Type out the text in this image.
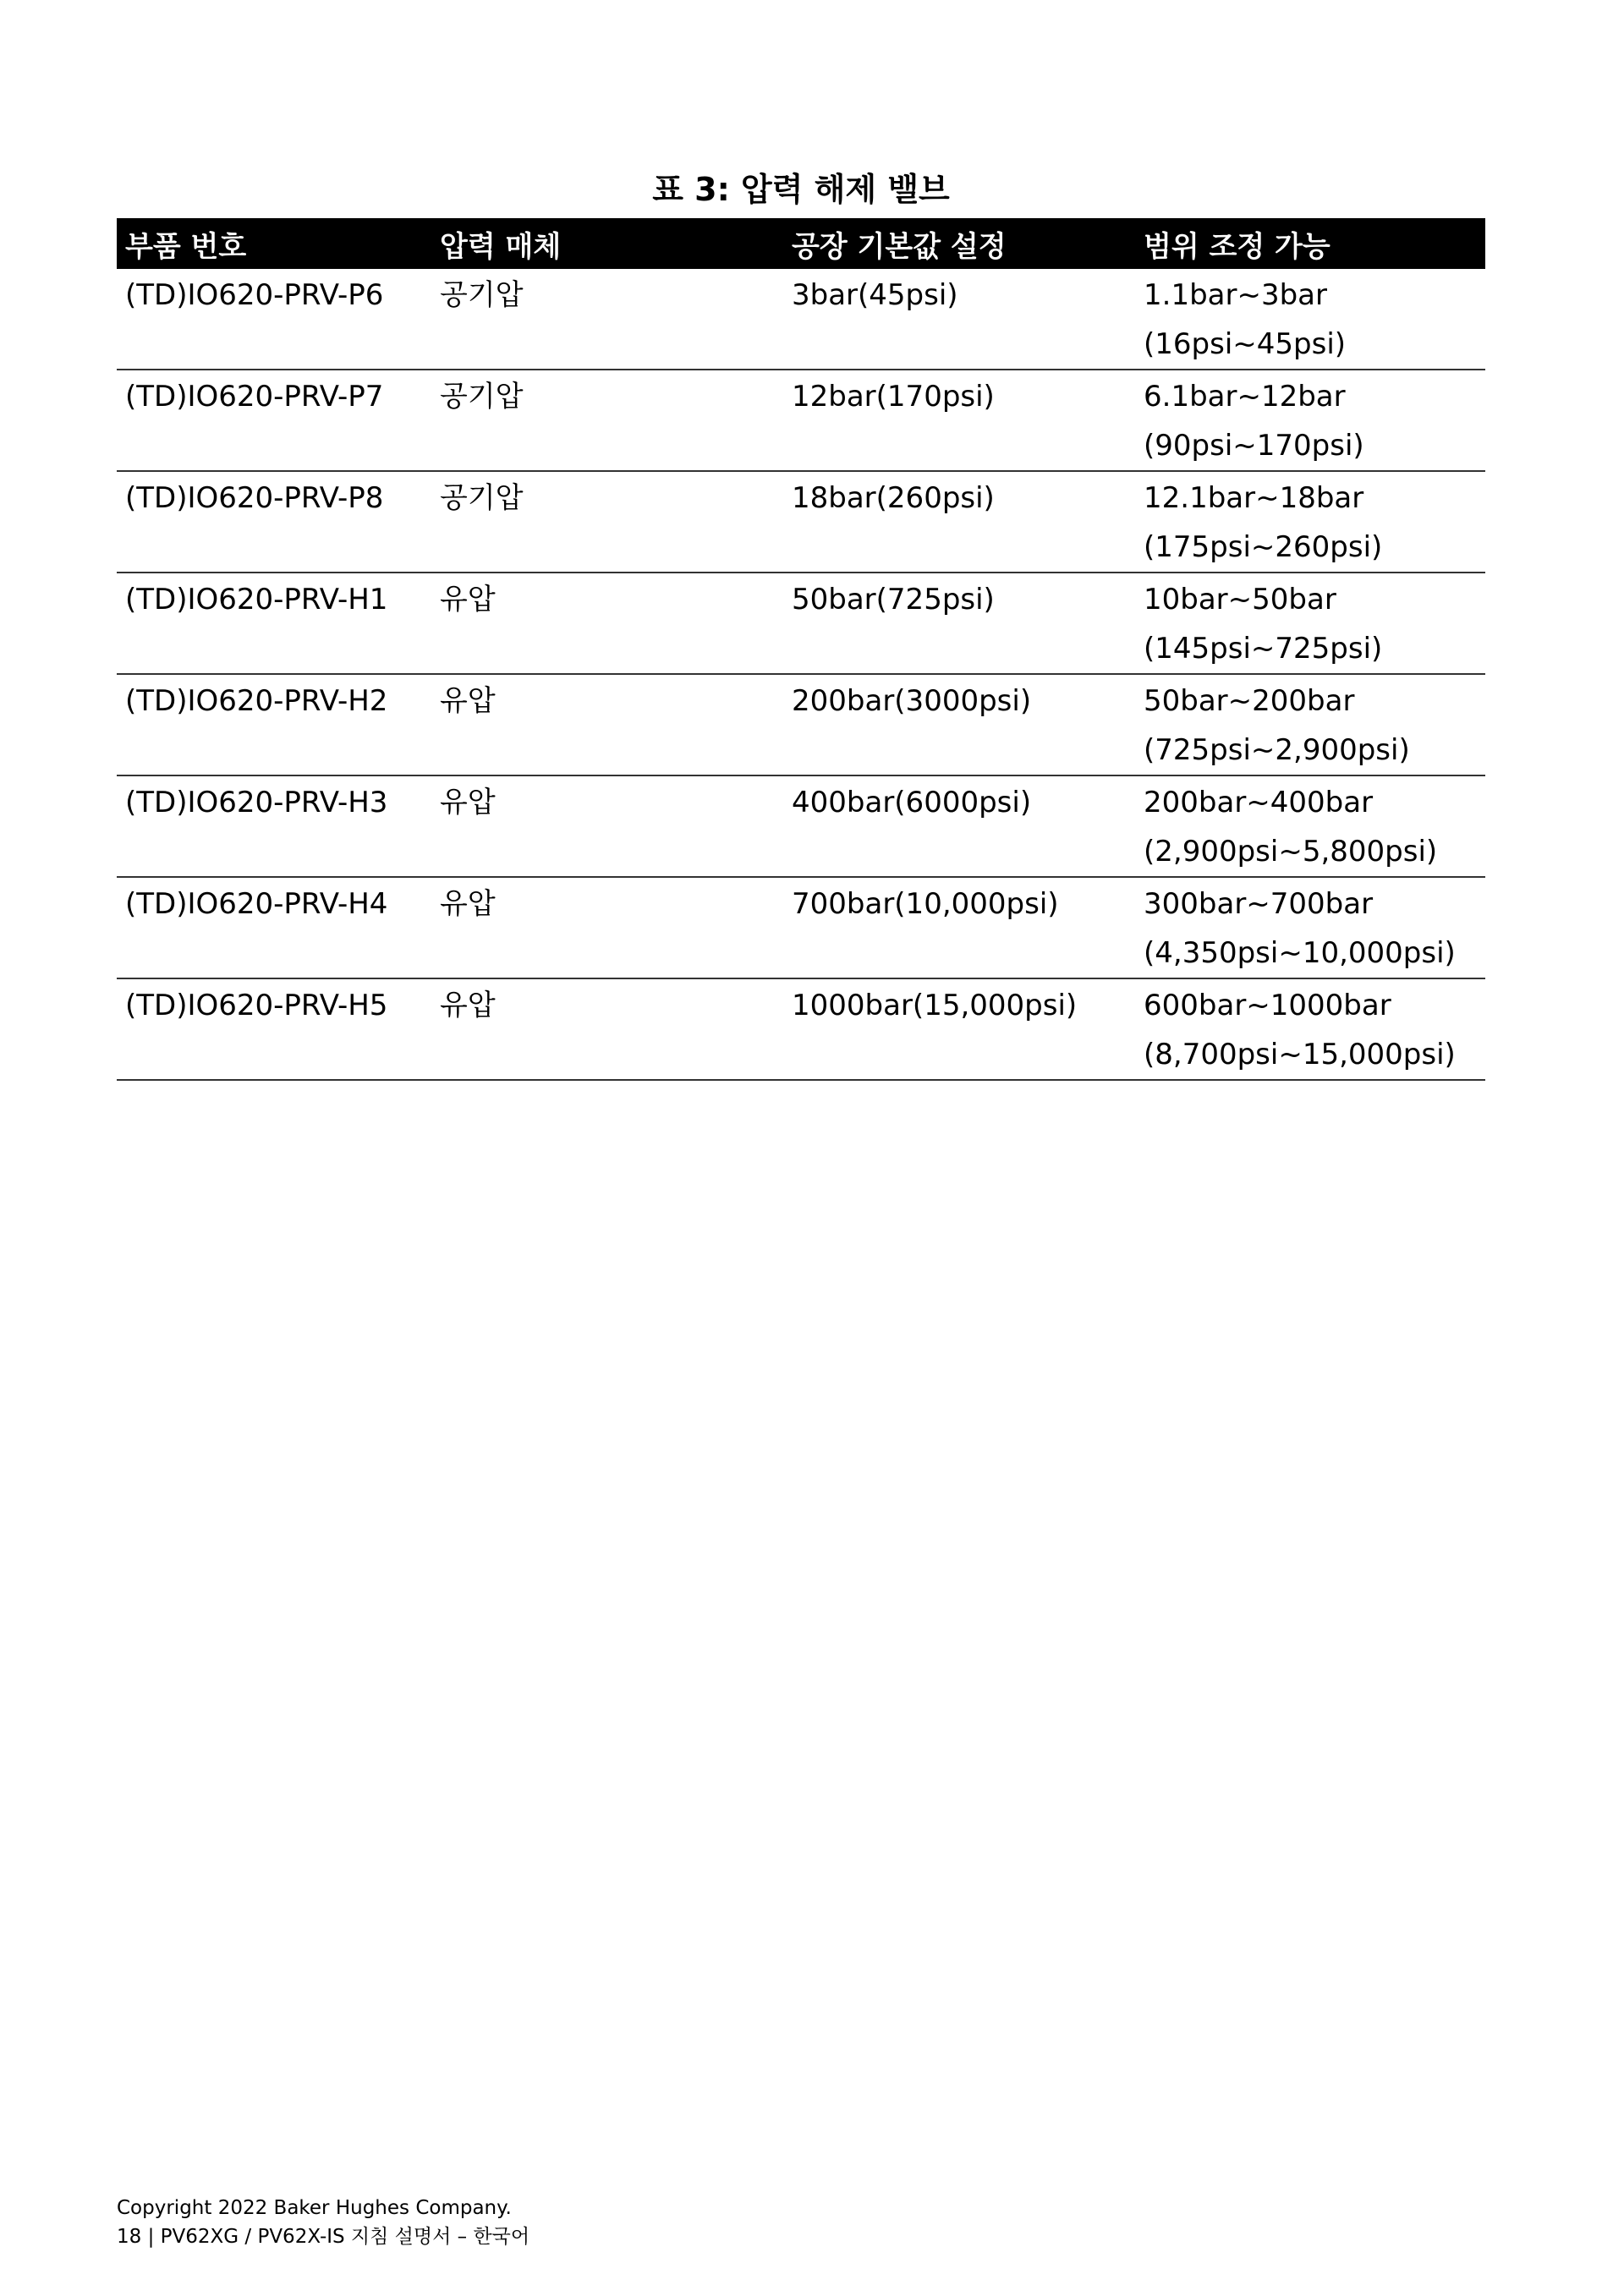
표 3: 압력 해제 밸브
부품 번호	압력 매체	공장 기본값 설정	범위 조정 가능
(TD)IO620-PRV-P6	공기압	3bar(45psi)	1.1bar~3bar
(16psi~45psi)

(TD)IO620-PRV-P7	공기압	12bar(170psi)	6.1bar~12bar
(90psi~170psi)

(TD)IO620-PRV-P8	공기압	18bar(260psi)	12.1bar~18bar
(175psi~260psi)

(TD)IO620-PRV-H1	유압	50bar(725psi)	10bar~50bar
(145psi~725psi)

(TD)IO620-PRV-H2	유압	200bar(3000psi)	50bar~200bar
(725psi~2,900psi)

(TD)IO620-PRV-H3	유압	400bar(6000psi)	200bar~400bar
(2,900psi~5,800psi)

(TD)IO620-PRV-H4	유압	700bar(10,000psi)	300bar~700bar
(4,350psi~10,000psi)

(TD)IO620-PRV-H5	유압	1000bar(15,000psi)	600bar~1000bar
(8,700psi~15,000psi)
Copyright 2022 Baker Hughes Company.
18 | PV62XG / PV62X-IS 지침 설명서 – 한국어
